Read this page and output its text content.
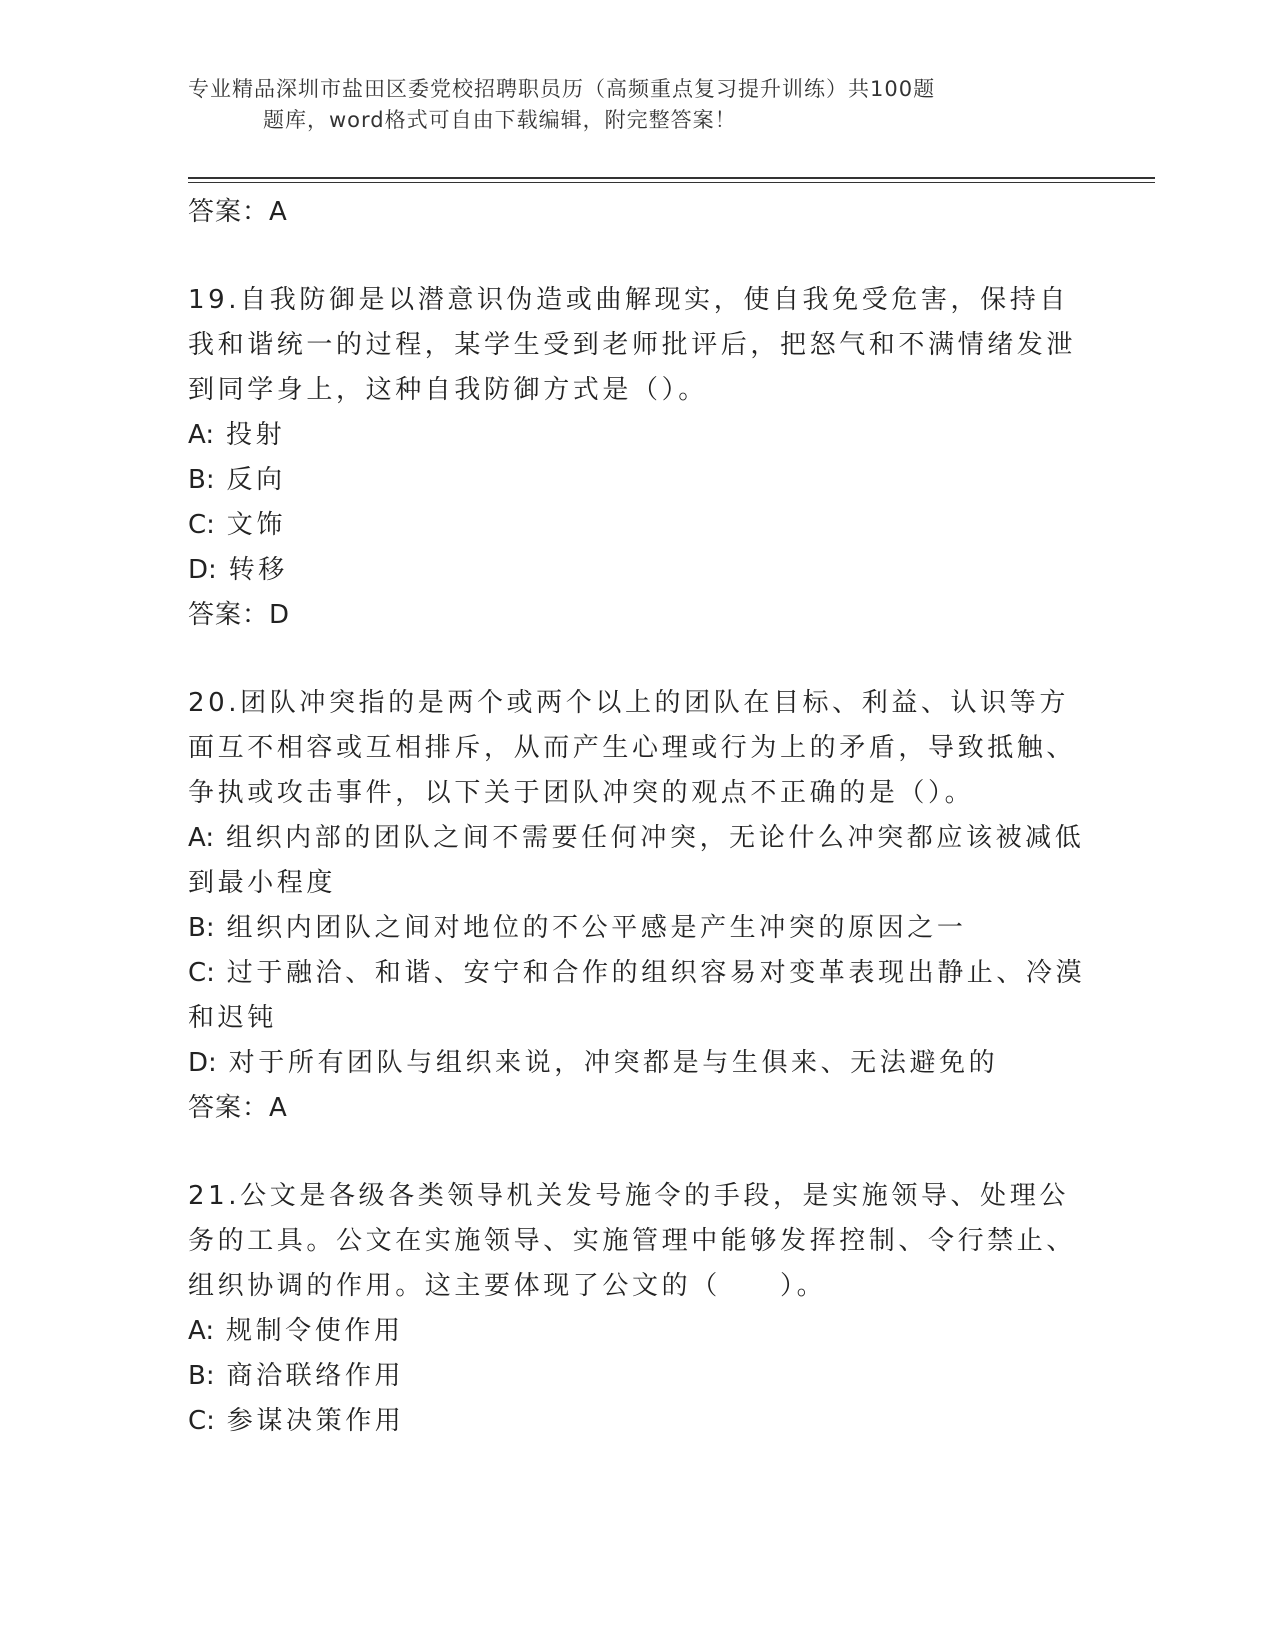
专业精品深圳市盐田区委党校招聘职员历（高频重点复习提升训练）共100题
题库，word格式可自由下载编辑，附完整答案！
答案：A
19.自我防御是以潜意识伪造或曲解现实，使自我免受危害，保持自我和谐统一的过程，某学生受到老师批评后，把怒气和不满情绪发泄到同学身上，这种自我防御方式是（）。
A: 投射
B: 反向
C: 文饰
D: 转移
答案：D
20.团队冲突指的是两个或两个以上的团队在目标、利益、认识等方面互不相容或互相排斥，从而产生心理或行为上的矛盾，导致抵触、争执或攻击事件，以下关于团队冲突的观点不正确的是（）。
A: 组织内部的团队之间不需要任何冲突，无论什么冲突都应该被减低到最小程度
B: 组织内团队之间对地位的不公平感是产生冲突的原因之一
C: 过于融洽、和谐、安宁和合作的组织容易对变革表现出静止、冷漠和迟钝
D: 对于所有团队与组织来说，冲突都是与生俱来、无法避免的
答案：A
21.公文是各级各类领导机关发号施令的手段，是实施领导、处理公务的工具。公文在实施领导、实施管理中能够发挥控制、令行禁止、组织协调的作用。这主要体现了公文的（　　）。
A: 规制令使作用
B: 商洽联络作用
C: 参谋决策作用
